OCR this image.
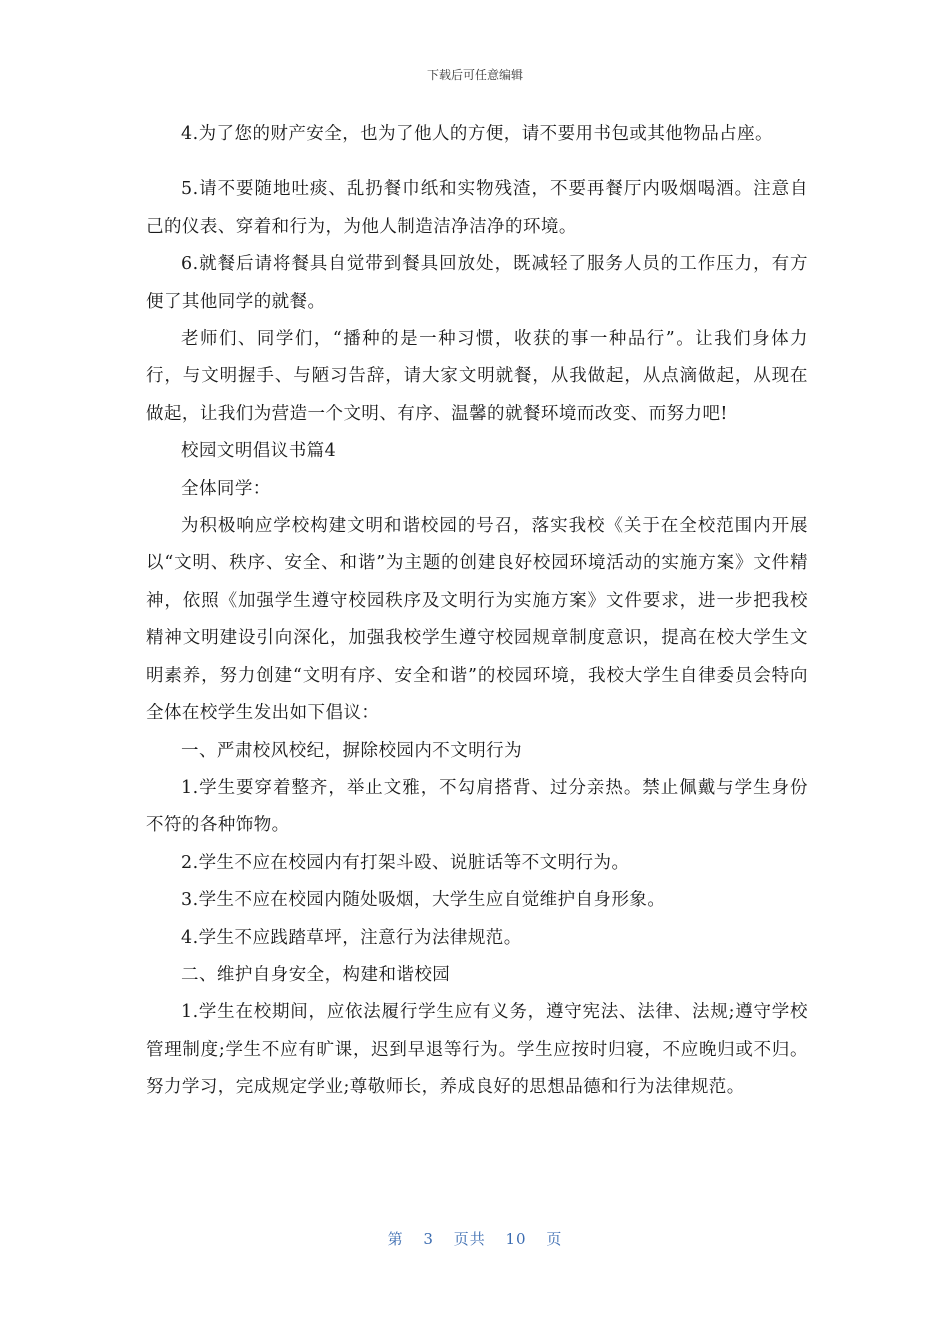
下载后可任意编辑

4.为了您的财产安全，也为了他人的方便，请不要用书包或其他物品占座。

5.请不要随地吐痰、乱扔餐巾纸和实物残渣，不要再餐厅内吸烟喝酒。注意自己的仪表、穿着和行为，为他人制造洁净洁净的环境。

6.就餐后请将餐具自觉带到餐具回放处，既减轻了服务人员的工作压力，有方便了其他同学的就餐。

老师们、同学们，“播种的是一种习惯，收获的事一种品行”。让我们身体力行，与文明握手、与陋习告辞，请大家文明就餐，从我做起，从点滴做起，从现在做起，让我们为营造一个文明、有序、温馨的就餐环境而改变、而努力吧!

校园文明倡议书篇4

全体同学：

为积极响应学校构建文明和谐校园的号召，落实我校《关于在全校范围内开展以“文明、秩序、安全、和谐”为主题的创建良好校园环境活动的实施方案》文件精神，依照《加强学生遵守校园秩序及文明行为实施方案》文件要求，进一步把我校精神文明建设引向深化，加强我校学生遵守校园规章制度意识，提高在校大学生文明素养，努力创建“文明有序、安全和谐”的校园环境，我校大学生自律委员会特向全体在校学生发出如下倡议：

一、严肃校风校纪，摒除校园内不文明行为

1.学生要穿着整齐，举止文雅，不勾肩搭背、过分亲热。禁止佩戴与学生身份不符的各种饰物。

2.学生不应在校园内有打架斗殴、说脏话等不文明行为。

3.学生不应在校园内随处吸烟，大学生应自觉维护自身形象。

4.学生不应践踏草坪，注意行为法律规范。

二、维护自身安全，构建和谐校园

1.学生在校期间，应依法履行学生应有义务，遵守宪法、法律、法规;遵守学校管理制度;学生不应有旷课，迟到早退等行为。学生应按时归寝，不应晚归或不归。努力学习，完成规定学业;尊敬师长，养成良好的思想品德和行为法律规范。

第 3 页共 10 页
